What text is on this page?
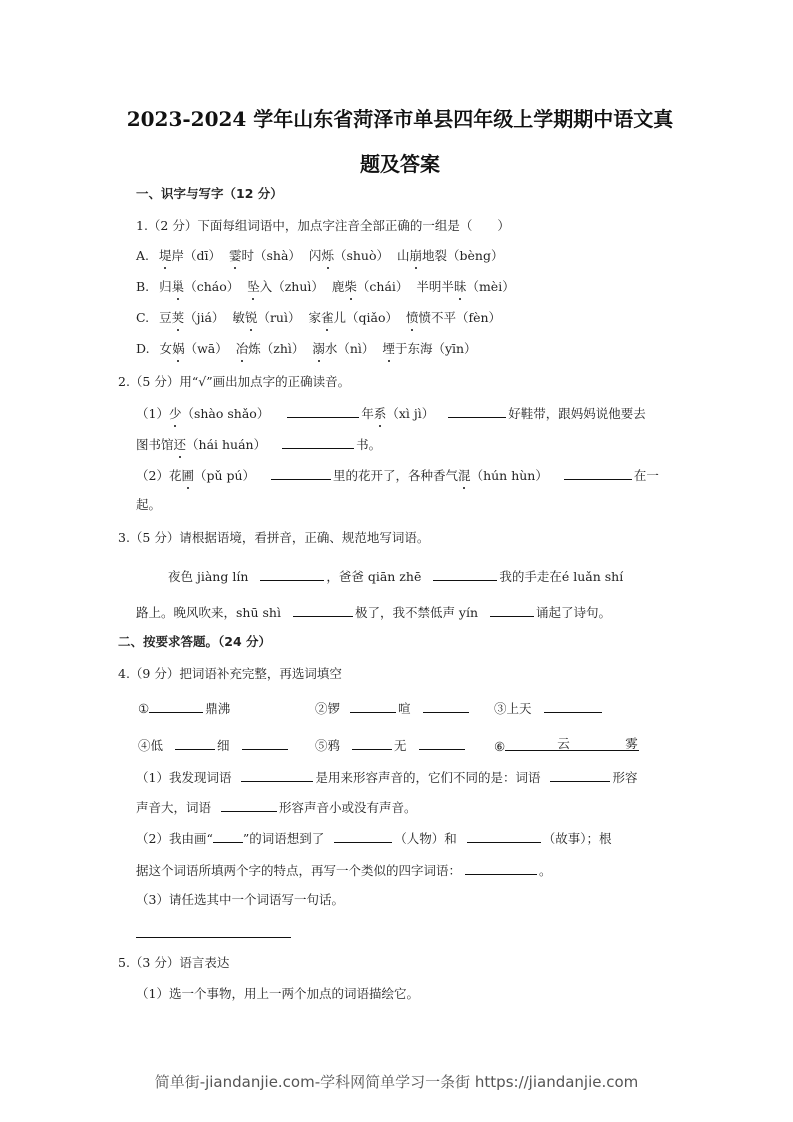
2023-2024 学年山东省菏泽市单县四年级上学期期中语文真
题及答案
一、识字与写字（12 分）
1.（2 分）下面每组词语中，加点字注音全部正确的一组是（　　）
A. 堤岸（dī） 霎时（shà） 闪烁（shuò） 山崩地裂（bèng）
B. 归巢（cháo） 坠入（zhuì） 鹿柴（chái） 半明半昧（mèi）
C. 豆荚（jiá） 敏锐（ruì） 家雀儿（qiǎo） 愤愤不平（fèn）
D. 女娲（wā） 冶炼（zhì） 溺水（nì） 堙于东海（yīn）
2.（5 分）用“√”画出加点字的正确读音。
（1）少（shào shǎo）	年系（xì jì）	好鞋带，跟妈妈说他要去
图书馆还（hái huán）	书。
（2）花圃（pǔ pú）	里的花开了，各种香气混（hún hùn）	在一
起。
3.（5 分）请根据语境，看拼音，正确、规范地写词语。
夜色 jiàng lín	，爸爸 qiān zhē	我的手走在é luǎn shí
路上。晚风吹来，shū shì	极了，我不禁低声 yín	诵起了诗句。
二、按要求答题。（24 分）
4.（9 分）把词语补充完整，再选词填空
①	鼎沸	②锣	喧	③上天
④低	细	⑤鸦	无	⑥	云	雾
（1）我发现词语	是用来形容声音的，它们不同的是：词语	形容
声音大，词语	形容声音小或没有声音。
（2）我由画“ ”的词语想到了	（人物）和	（故事）；根
据这个词语所填两个字的特点，再写一个类似的四字词语：	。
（3）请任选其中一个词语写一句话。
5.（3 分）语言表达
（1）选一个事物，用上一两个加点的词语描绘它。
简单街-jiandanjie.com-学科网简单学习一条街 https://jiandanjie.com
